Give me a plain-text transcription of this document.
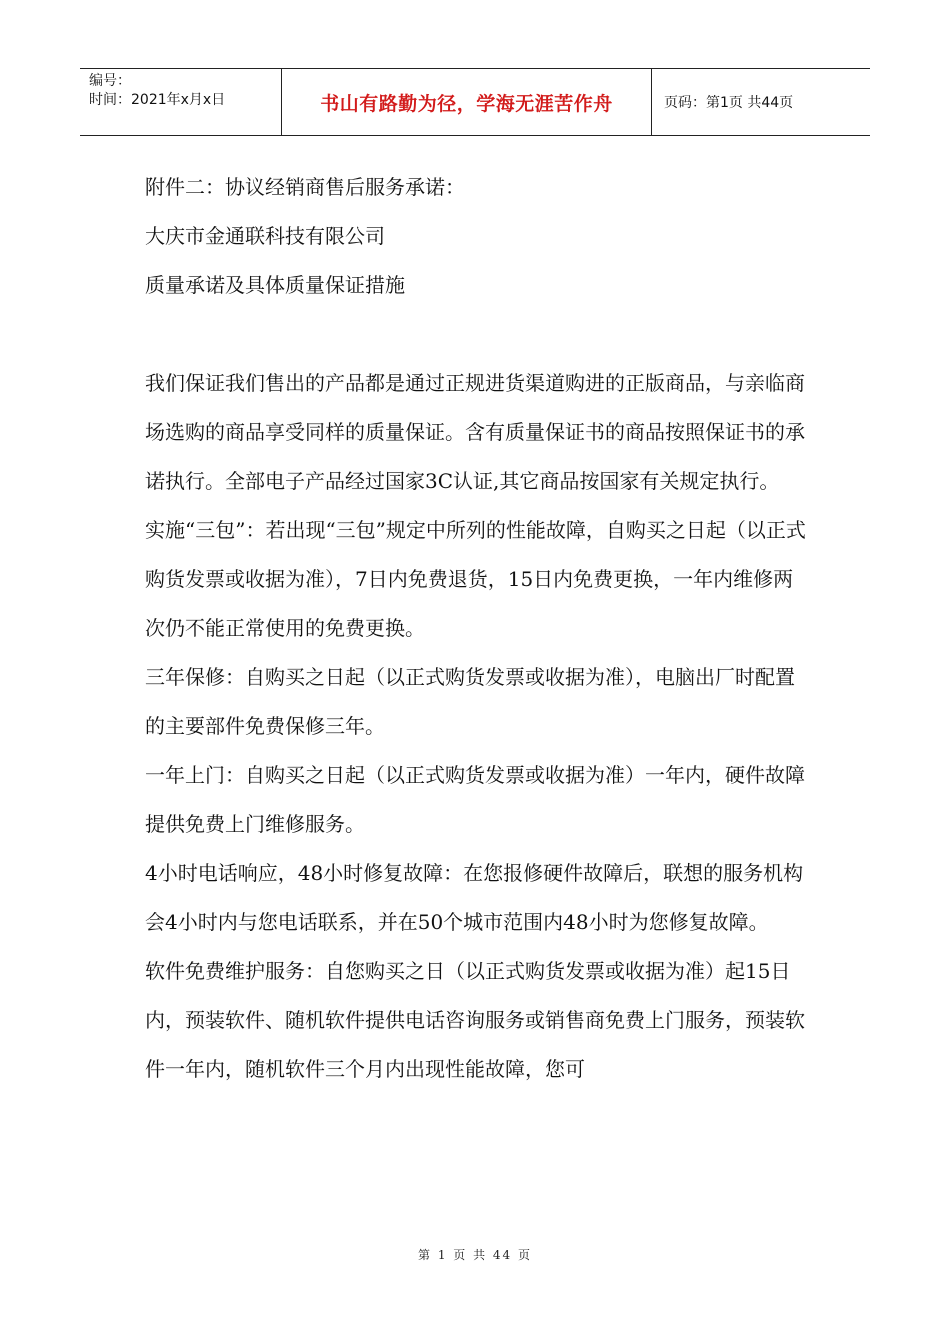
编号：
时间：2021年x月x日	书山有路勤为径，学海无涯苦作舟	页码：第1页 共44页

附件二：协议经销商售后服务承诺：

大庆市金通联科技有限公司

质量承诺及具体质量保证措施

我们保证我们售出的产品都是通过正规进货渠道购进的正版商品，与亲临商场选购的商品享受同样的质量保证。含有质量保证书的商品按照保证书的承诺执行。全部电子产品经过国家3C认证,其它商品按国家有关规定执行。

实施“三包”：若出现“三包”规定中所列的性能故障，自购买之日起（以正式购货发票或收据为准），7日内免费退货，15日内免费更换，一年内维修两次仍不能正常使用的免费更换。

三年保修：自购买之日起（以正式购货发票或收据为准），电脑出厂时配置的主要部件免费保修三年。

一年上门：自购买之日起（以正式购货发票或收据为准）一年内，硬件故障提供免费上门维修服务。

4小时电话响应，48小时修复故障：在您报修硬件故障后，联想的服务机构会4小时内与您电话联系，并在50个城市范围内48小时为您修复故障。

软件免费维护服务：自您购买之日（以正式购货发票或收据为准）起15日内，预装软件、随机软件提供电话咨询服务或销售商免费上门服务，预装软件一年内，随机软件三个月内出现性能故障，您可

第 1 页 共 44 页
